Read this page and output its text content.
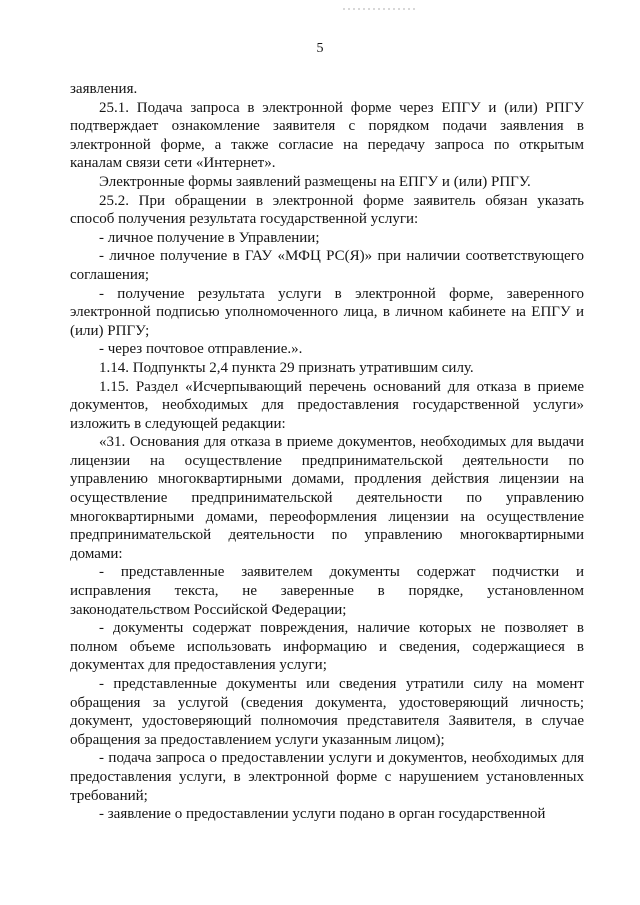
5

заявления.

25.1. Подача запроса в электронной форме через ЕПГУ и (или) РПГУ подтверждает ознакомление заявителя с порядком подачи заявления в электронной форме, а также согласие на передачу запроса по открытым каналам связи сети «Интернет».

Электронные формы заявлений размещены на ЕПГУ и (или) РПГУ.

25.2. При обращении в электронной форме заявитель обязан указать способ получения результата государственной услуги:

- личное получение в Управлении;

- личное получение в ГАУ «МФЦ РС(Я)» при наличии соответствующего соглашения;

- получение результата услуги в электронной форме, заверенного электронной подписью уполномоченного лица, в личном кабинете на ЕПГУ и (или) РПГУ;

- через почтовое отправление.».

1.14. Подпункты 2,4 пункта 29 признать утратившим силу.

1.15. Раздел «Исчерпывающий перечень оснований для отказа в приеме документов, необходимых для предоставления государственной услуги» изложить в следующей редакции:

«31. Основания для отказа в приеме документов, необходимых для выдачи лицензии на осуществление предпринимательской деятельности по управлению многоквартирными домами, продления действия лицензии на осуществление предпринимательской деятельности по управлению многоквартирными домами, переоформления лицензии на осуществление предпринимательской деятельности по управлению многоквартирными домами:

- представленные заявителем документы содержат подчистки и исправления текста, не заверенные в порядке, установленном законодательством Российской Федерации;

- документы содержат повреждения, наличие которых не позволяет в полном объеме использовать информацию и сведения, содержащиеся в документах для предоставления услуги;

- представленные документы или сведения утратили силу на момент обращения за услугой (сведения документа, удостоверяющий личность; документ, удостоверяющий полномочия представителя Заявителя, в случае обращения за предоставлением услуги указанным лицом);

- подача запроса о предоставлении услуги и документов, необходимых для предоставления услуги, в электронной форме с нарушением установленных требований;

- заявление о предоставлении услуги подано в орган государственной
